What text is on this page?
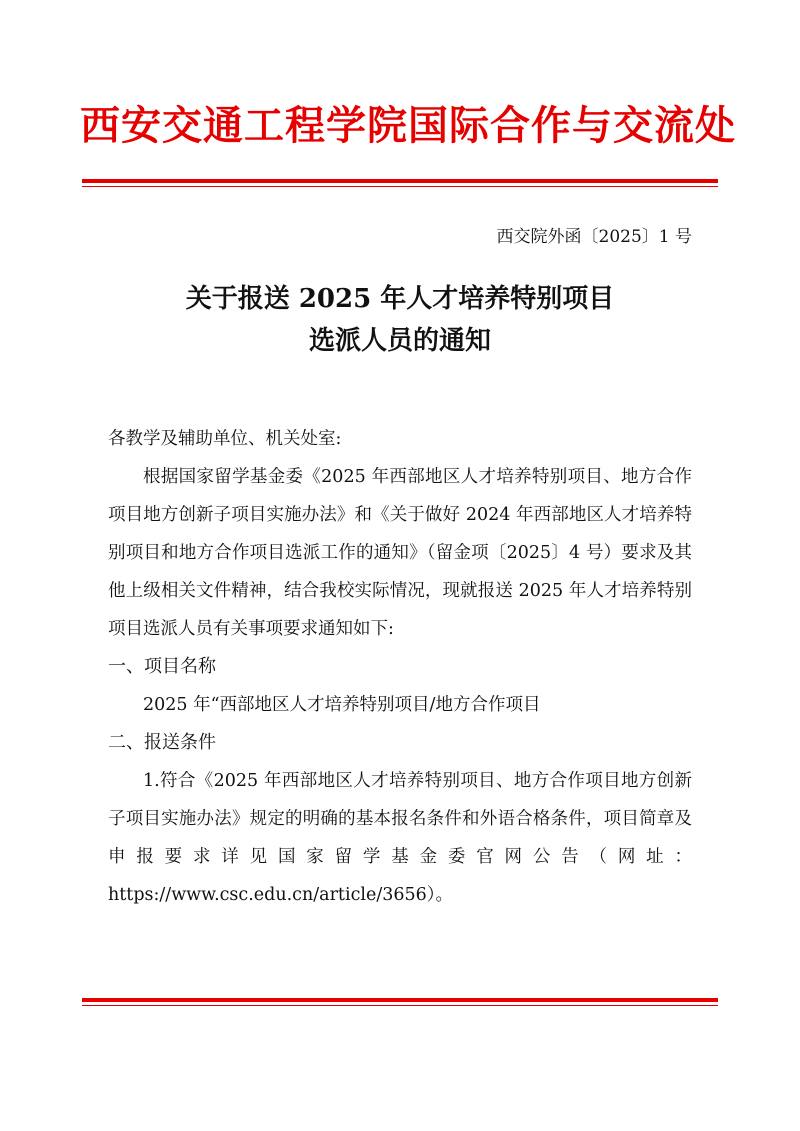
西安交通工程学院国际合作与交流处
西交院外函〔2025〕1 号
关于报送 2025 年人才培养特别项目
选派人员的通知

各教学及辅助单位、机关处室:

根据国家留学基金委《2025 年西部地区人才培养特别项目、地方合作项目地方创新子项目实施办法》和《关于做好 2024 年西部地区人才培养特别项目和地方合作项目选派工作的通知》（留金项〔2025〕4 号）要求及其他上级相关文件精神，结合我校实际情况，现就报送 2025 年人才培养特别项目选派人员有关事项要求通知如下:

一、项目名称

2025 年“西部地区人才培养特别项目/地方合作项目

二、报送条件

1.符合《2025 年西部地区人才培养特别项目、地方合作项目地方创新子项目实施办法》规定的明确的基本报名条件和外语合格条件，项目简章及申报要求详见国家留学基金委官网公告（网址：https://www.csc.edu.cn/article/3656）。
